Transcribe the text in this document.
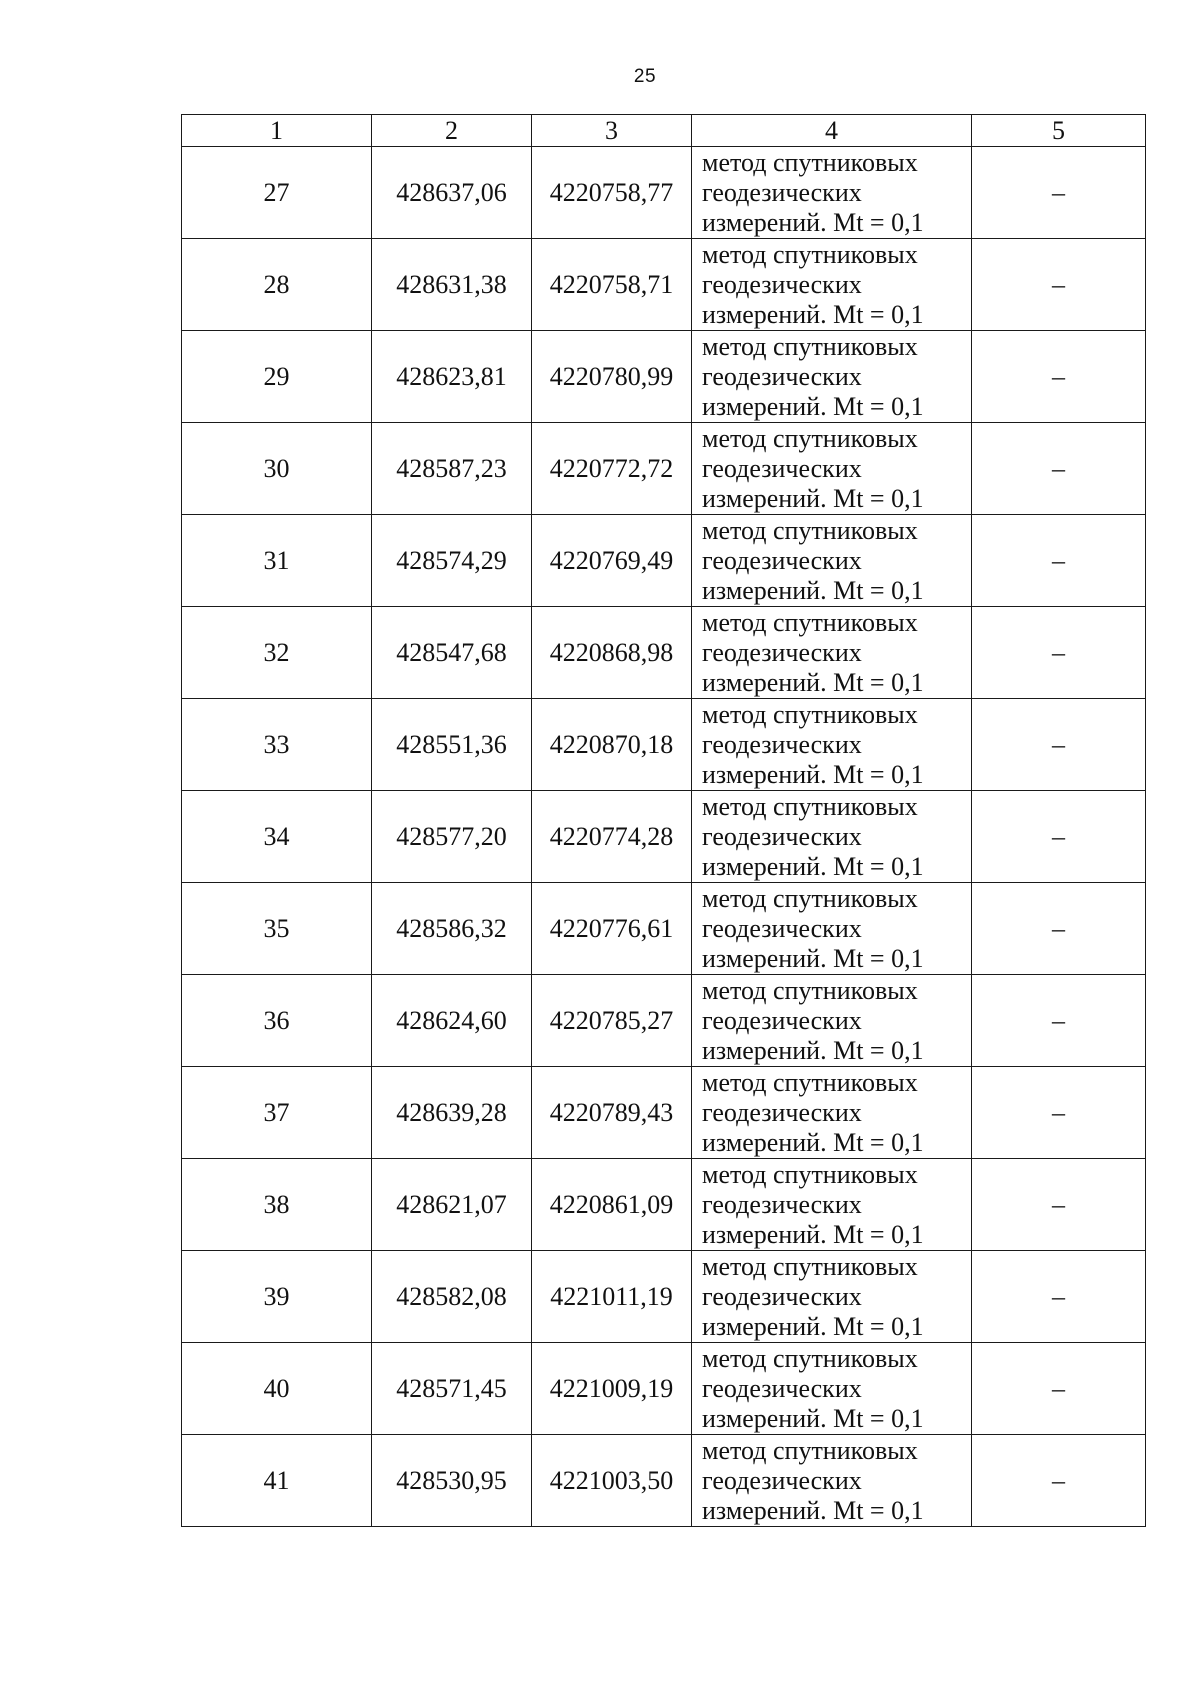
25
1	2	3	4	5
27	428637,06	4220758,77	метод спутниковых
геодезических
измерений. Mt = 0,1	–
28	428631,38	4220758,71	метод спутниковых
геодезических
измерений. Mt = 0,1	–
29	428623,81	4220780,99	метод спутниковых
геодезических
измерений. Mt = 0,1	–
30	428587,23	4220772,72	метод спутниковых
геодезических
измерений. Mt = 0,1	–
31	428574,29	4220769,49	метод спутниковых
геодезических
измерений. Mt = 0,1	–
32	428547,68	4220868,98	метод спутниковых
геодезических
измерений. Mt = 0,1	–
33	428551,36	4220870,18	метод спутниковых
геодезических
измерений. Mt = 0,1	–
34	428577,20	4220774,28	метод спутниковых
геодезических
измерений. Mt = 0,1	–
35	428586,32	4220776,61	метод спутниковых
геодезических
измерений. Mt = 0,1	–
36	428624,60	4220785,27	метод спутниковых
геодезических
измерений. Mt = 0,1	–
37	428639,28	4220789,43	метод спутниковых
геодезических
измерений. Mt = 0,1	–
38	428621,07	4220861,09	метод спутниковых
геодезических
измерений. Mt = 0,1	–
39	428582,08	4221011,19	метод спутниковых
геодезических
измерений. Mt = 0,1	–
40	428571,45	4221009,19	метод спутниковых
геодезических
измерений. Mt = 0,1	–
41	428530,95	4221003,50	метод спутниковых
геодезических
измерений. Mt = 0,1	–
